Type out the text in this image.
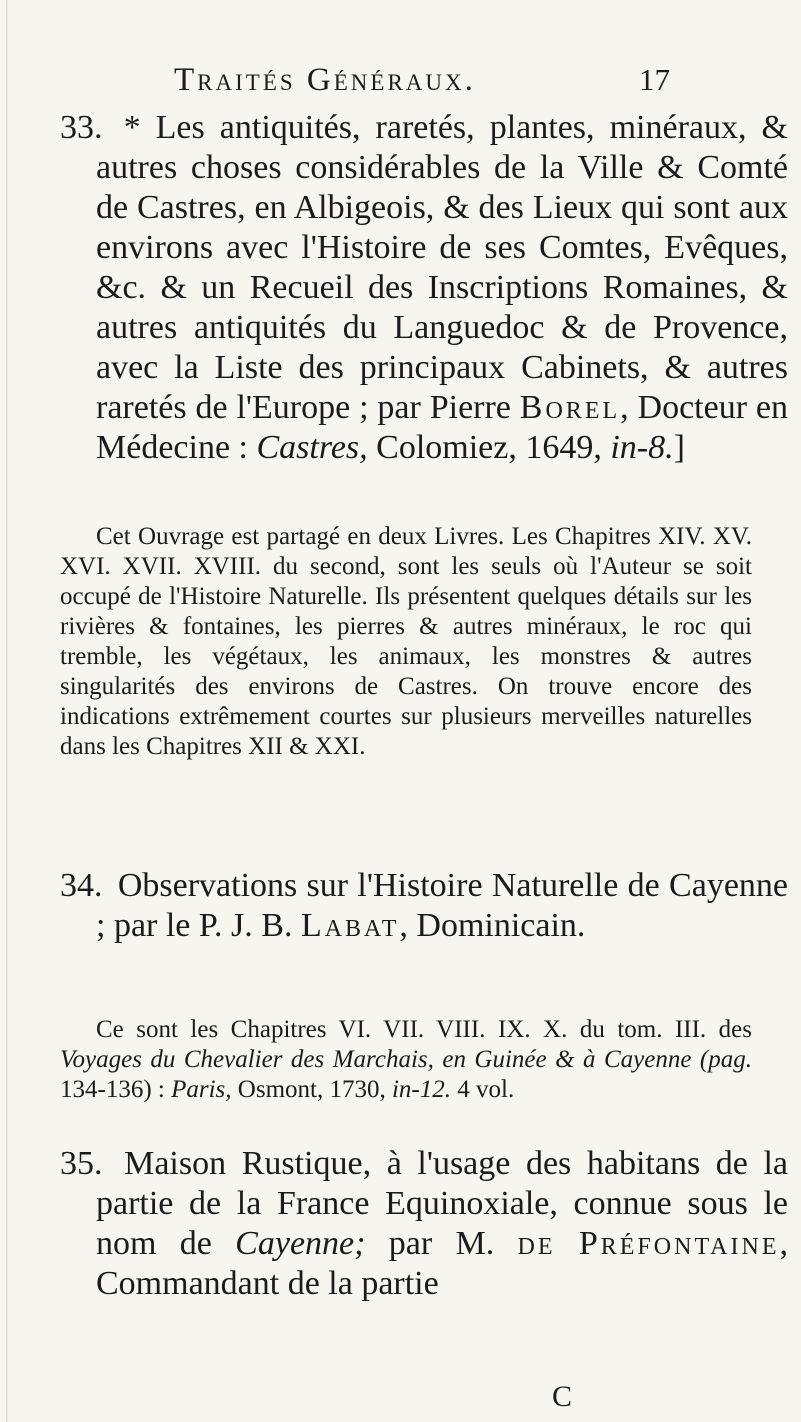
Traités Généraux.	17
33. * Les antiquités, raretés, plantes, minéraux, & autres choses considérables de la Ville & Comté de Castres, en Albigeois, & des Lieux qui sont aux environs avec l'Histoire de ses Comtes, Evêques, &c. & un Recueil des Inscriptions Romaines, & autres antiquités du Languedoc & de Provence, avec la Liste des principaux Cabinets, & autres raretés de l'Europe ; par Pierre Borel, Docteur en Médecine : Castres, Colomiez, 1649, in-8.]
Cet Ouvrage est partagé en deux Livres. Les Chapitres XIV. XV. XVI. XVII. XVIII. du second, sont les seuls où l'Auteur se soit occupé de l'Histoire Naturelle. Ils présentent quelques détails sur les rivières & fontaines, les pierres & autres minéraux, le roc qui tremble, les végétaux, les animaux, les monstres & autres singularités des environs de Castres. On trouve encore des indications extrêmement courtes sur plusieurs merveilles naturelles dans les Chapitres XII & XXI.
34. Observations sur l'Histoire Naturelle de Cayenne ; par le P. J. B. Labat, Dominicain.
Ce sont les Chapitres VI. VII. VIII. IX. X. du tom. III. des Voyages du Chevalier des Marchais, en Guinée & à Cayenne (pag. 134-136) : Paris, Osmont, 1730, in-12. 4 vol.
35. Maison Rustique, à l'usage des habitans de la partie de la France Equinoxiale, connue sous le nom de Cayenne; par M. de Préfontaine, Commandant de la partie
C
